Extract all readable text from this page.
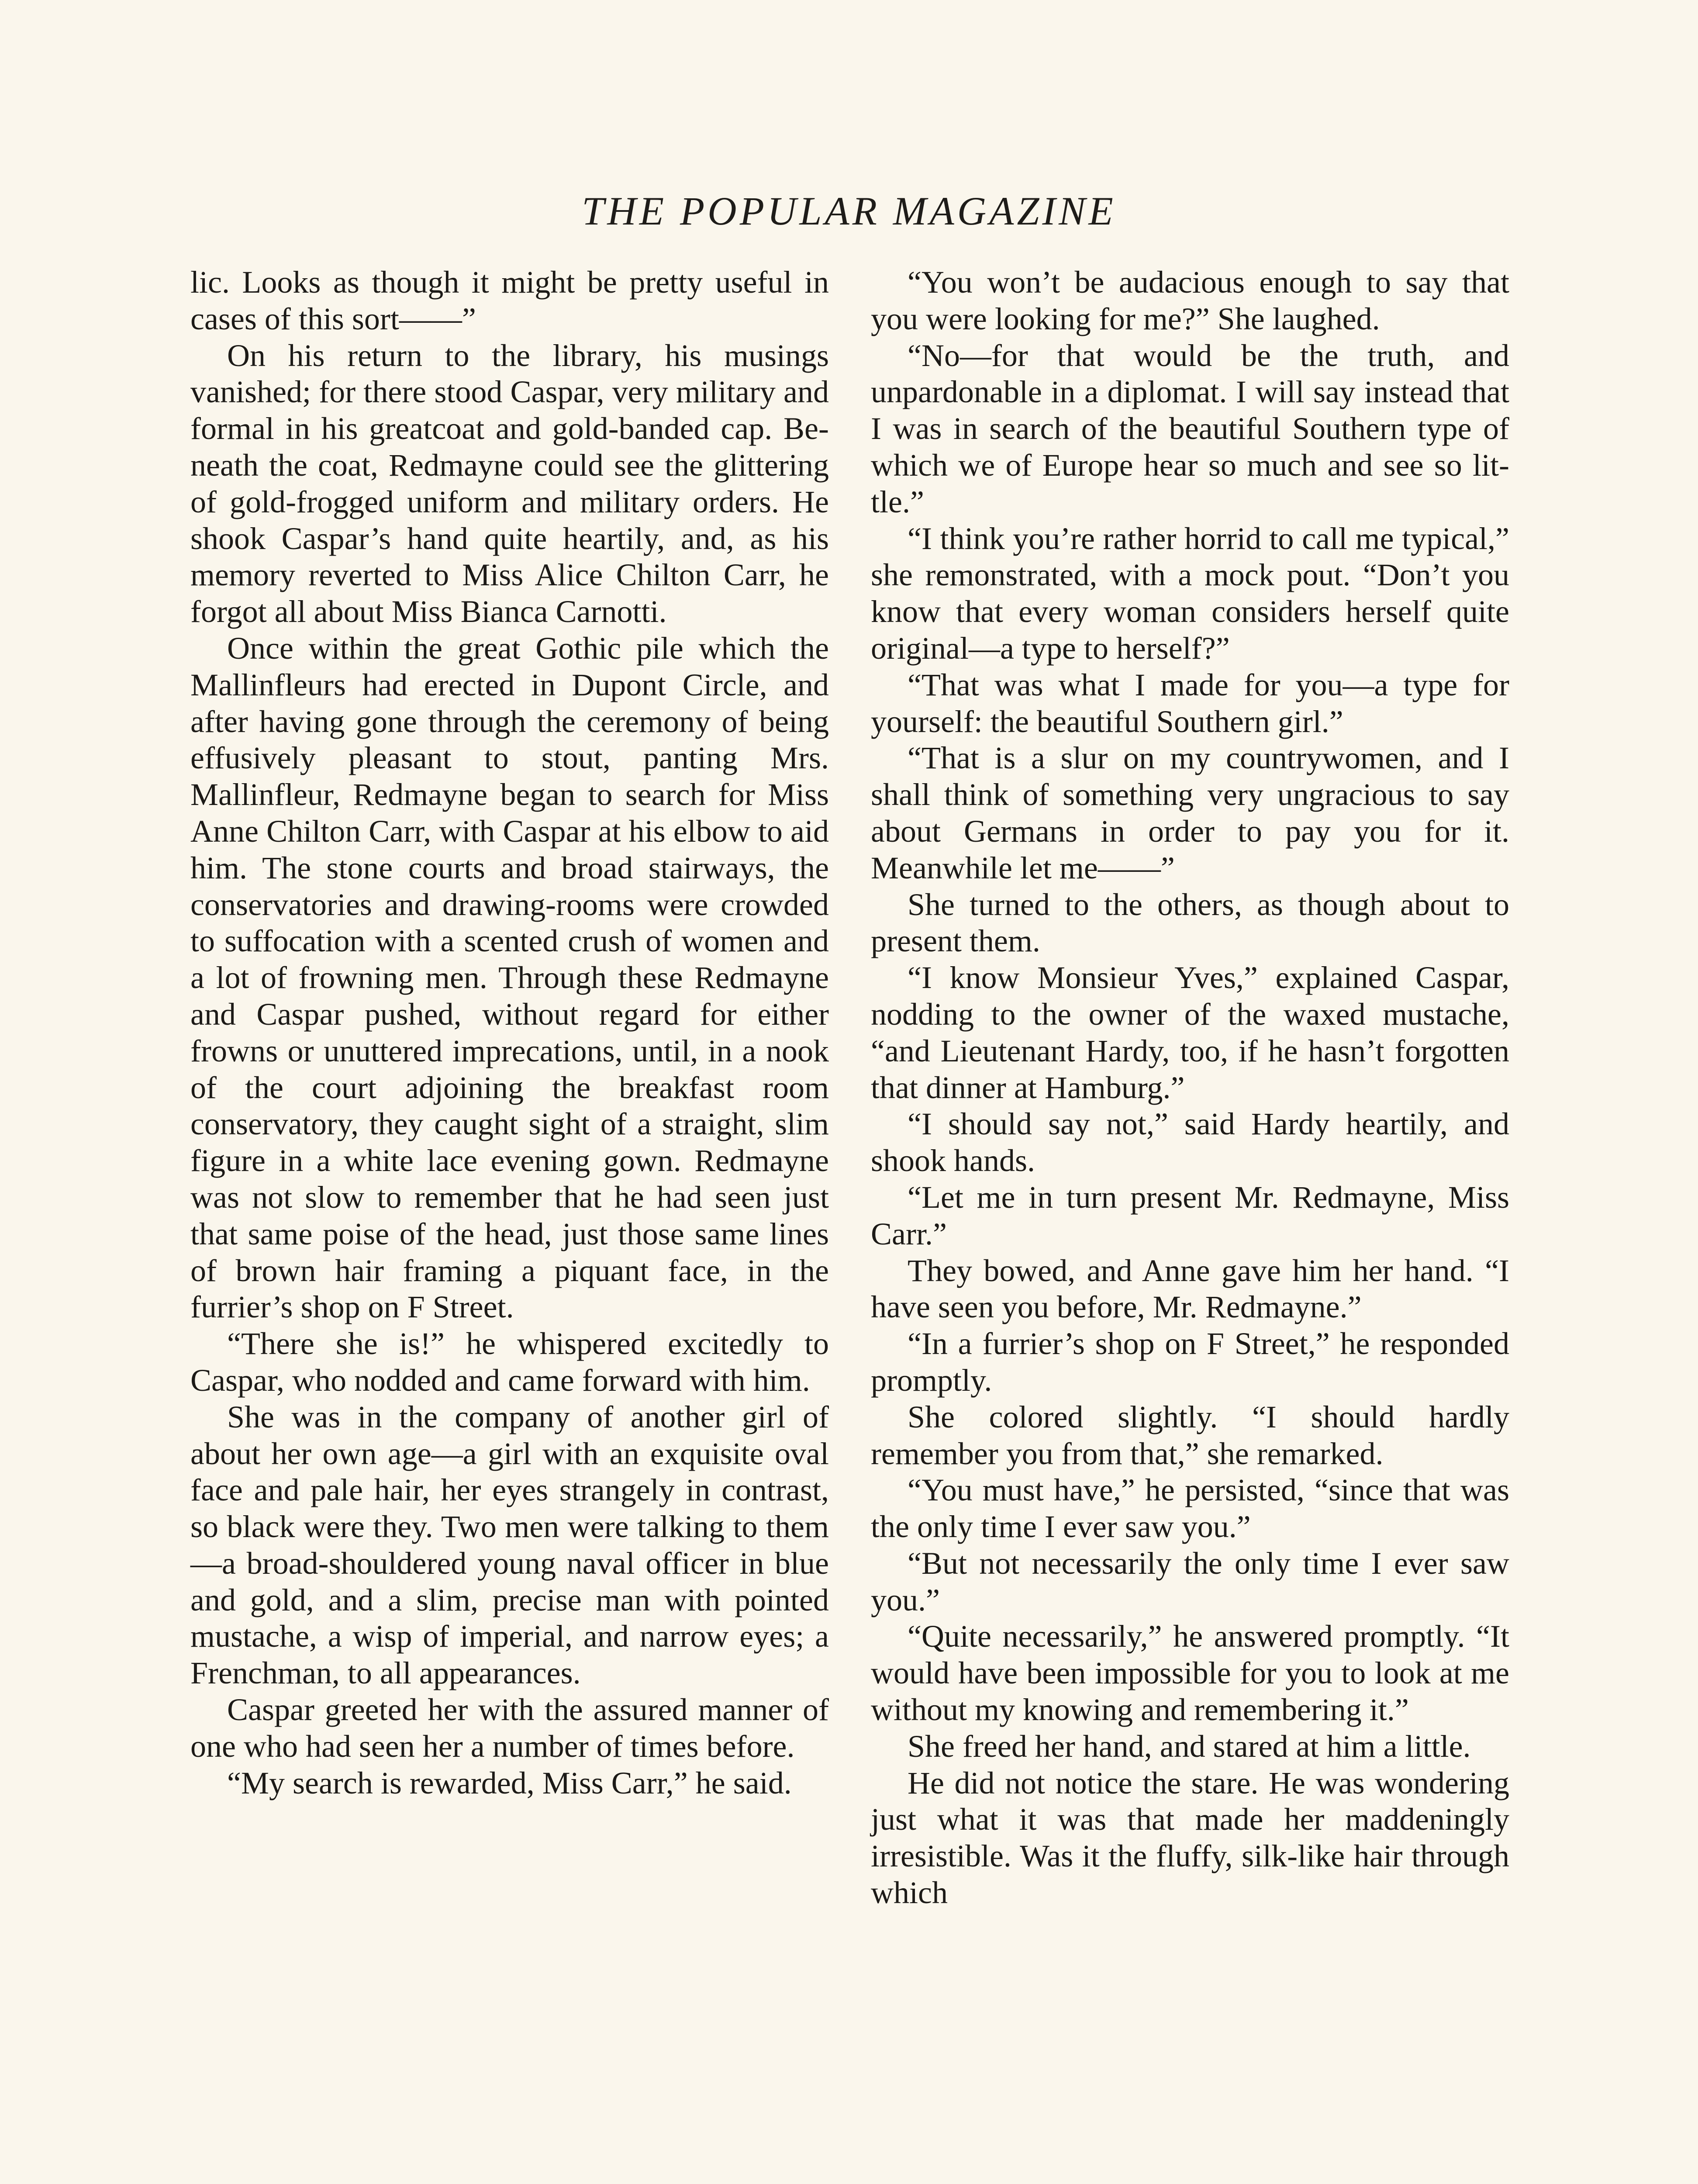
THE POPULAR MAGAZINE

lic. Looks as though it might be pretty useful in cases of this sort——”

On his return to the library, his musings vanished; for there stood Caspar, very military and formal in his greatcoat and gold-banded cap. Beneath the coat, Redmayne could see the glittering of gold-frogged uniform and military orders. He shook Caspar’s hand quite heartily, and, as his memory reverted to Miss Alice Chilton Carr, he forgot all about Miss Bianca Carnotti.

Once within the great Gothic pile which the Mallinfleurs had erected in Dupont Circle, and after having gone through the ceremony of being effusively pleasant to stout, panting Mrs. Mallinfleur, Redmayne began to search for Miss Anne Chilton Carr, with Caspar at his elbow to aid him. The stone courts and broad stairways, the conservatories and drawing-rooms were crowded to suffocation with a scented crush of women and a lot of frowning men. Through these Redmayne and Caspar pushed, without regard for either frowns or unuttered imprecations, until, in a nook of the court adjoining the breakfast room conservatory, they caught sight of a straight, slim figure in a white lace evening gown. Redmayne was not slow to remember that he had seen just that same poise of the head, just those same lines of brown hair framing a piquant face, in the furrier’s shop on F Street.

“There she is!” he whispered excitedly to Caspar, who nodded and came forward with him.

She was in the company of another girl of about her own age—a girl with an exquisite oval face and pale hair, her eyes strangely in contrast, so black were they. Two men were talking to them —a broad-shouldered young naval officer in blue and gold, and a slim, precise man with pointed mustache, a wisp of imperial, and narrow eyes; a Frenchman, to all appearances.

Caspar greeted her with the assured manner of one who had seen her a number of times before.

“My search is rewarded, Miss Carr,” he said.

“You won’t be audacious enough to say that you were looking for me?” She laughed.

“No—for that would be the truth, and unpardonable in a diplomat. I will say instead that I was in search of the beautiful Southern type of which we of Europe hear so much and see so little.”

“I think you’re rather horrid to call me typical,” she remonstrated, with a mock pout. “Don’t you know that every woman considers herself quite original—a type to herself?”

“That was what I made for you—a type for yourself: the beautiful Southern girl.”

“That is a slur on my countrywomen, and I shall think of something very ungracious to say about Germans in order to pay you for it. Meanwhile let me——”

She turned to the others, as though about to present them.

“I know Monsieur Yves,” explained Caspar, nodding to the owner of the waxed mustache, “and Lieutenant Hardy, too, if he hasn’t forgotten that dinner at Hamburg.”

“I should say not,” said Hardy heartily, and shook hands.

“Let me in turn present Mr. Redmayne, Miss Carr.”

They bowed, and Anne gave him her hand. “I have seen you before, Mr. Redmayne.”

“In a furrier’s shop on F Street,” he responded promptly.

She colored slightly. “I should hardly remember you from that,” she remarked.

“You must have,” he persisted, “since that was the only time I ever saw you.”

“But not necessarily the only time I ever saw you.”

“Quite necessarily,” he answered promptly. “It would have been impossible for you to look at me without my knowing and remembering it.”

She freed her hand, and stared at him a little.

He did not notice the stare. He was wondering just what it was that made her maddeningly irresistible. Was it the fluffy, silk-like hair through which
